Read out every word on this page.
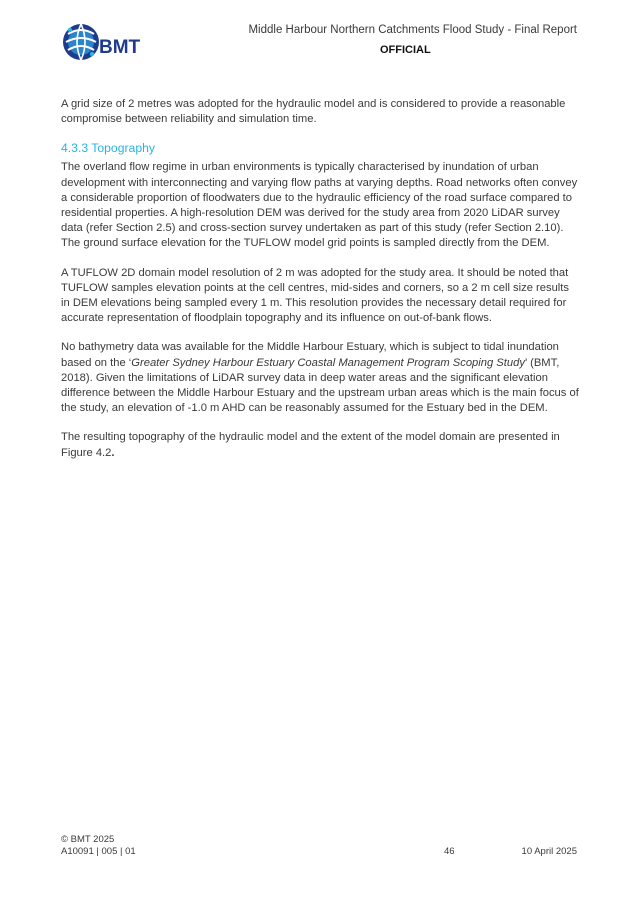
BMT
Middle Harbour Northern Catchments Flood Study - Final Report
OFFICIAL

A grid size of 2 metres was adopted for the hydraulic model and is considered to provide a reasonable compromise between reliability and simulation time.

4.3.3 Topography

The overland flow regime in urban environments is typically characterised by inundation of urban development with interconnecting and varying flow paths at varying depths. Road networks often convey a considerable proportion of floodwaters due to the hydraulic efficiency of the road surface compared to residential properties. A high-resolution DEM was derived for the study area from 2020 LiDAR survey data (refer Section 2.5) and cross-section survey undertaken as part of this study (refer Section 2.10). The ground surface elevation for the TUFLOW model grid points is sampled directly from the DEM.

A TUFLOW 2D domain model resolution of 2 m was adopted for the study area. It should be noted that TUFLOW samples elevation points at the cell centres, mid-sides and corners, so a 2 m cell size results in DEM elevations being sampled every 1 m. This resolution provides the necessary detail required for accurate representation of floodplain topography and its influence on out-of-bank flows.

No bathymetry data was available for the Middle Harbour Estuary, which is subject to tidal inundation based on the ‘Greater Sydney Harbour Estuary Coastal Management Program Scoping Study’ (BMT, 2018). Given the limitations of LiDAR survey data in deep water areas and the significant elevation difference between the Middle Harbour Estuary and the upstream urban areas which is the main focus of the study, an elevation of -1.0 m AHD can be reasonably assumed for the Estuary bed in the DEM.

The resulting topography of the hydraulic model and the extent of the model domain are presented in Figure 4.2.

© BMT 2025
A10091 | 005 | 01	46	10 April 2025
